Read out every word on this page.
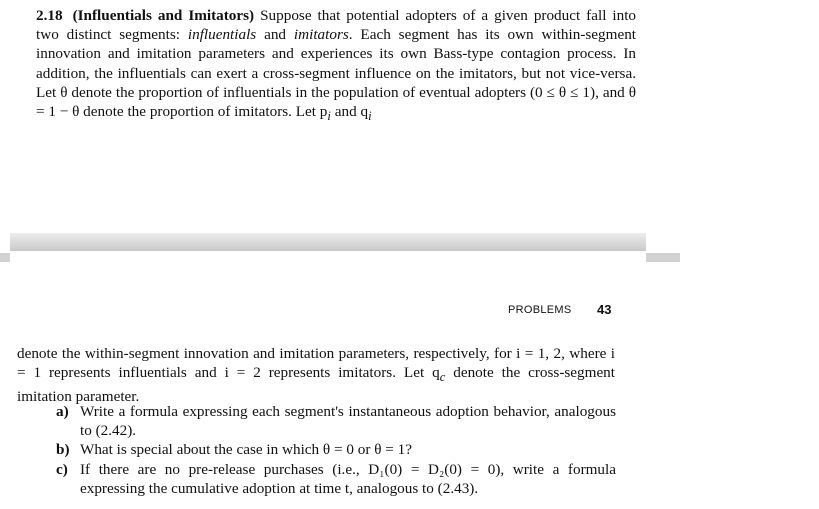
2.18 (Influentials and Imitators) Suppose that potential adopters of a given product fall into two distinct segments: influentials and imitators. Each segment has its own within-segment innovation and imitation parameters and experiences its own Bass-type contagion process. In addition, the influentials can exert a cross-segment influence on the imitators, but not vice-versa. Let θ denote the proportion of influentials in the population of eventual adopters (0 ≤ θ ≤ 1), and θ = 1 − θ denote the proportion of imitators. Let $p_i$ and $q_i$
PROBLEMS 43
denote the within-segment innovation and imitation parameters, respectively, for i = 1, 2, where i = 1 represents influentials and i = 2 represents imitators. Let $q_c$ denote the cross-segment imitation parameter.
a) Write a formula expressing each segment's instantaneous adoption behavior, analogous to (2.42).
b) What is special about the case in which θ = 0 or θ = 1?
c) If there are no pre-release purchases (i.e., D₁(0) = D₂(0) = 0), write a formula expressing the cumulative adoption at time t, analogous to (2.43).
